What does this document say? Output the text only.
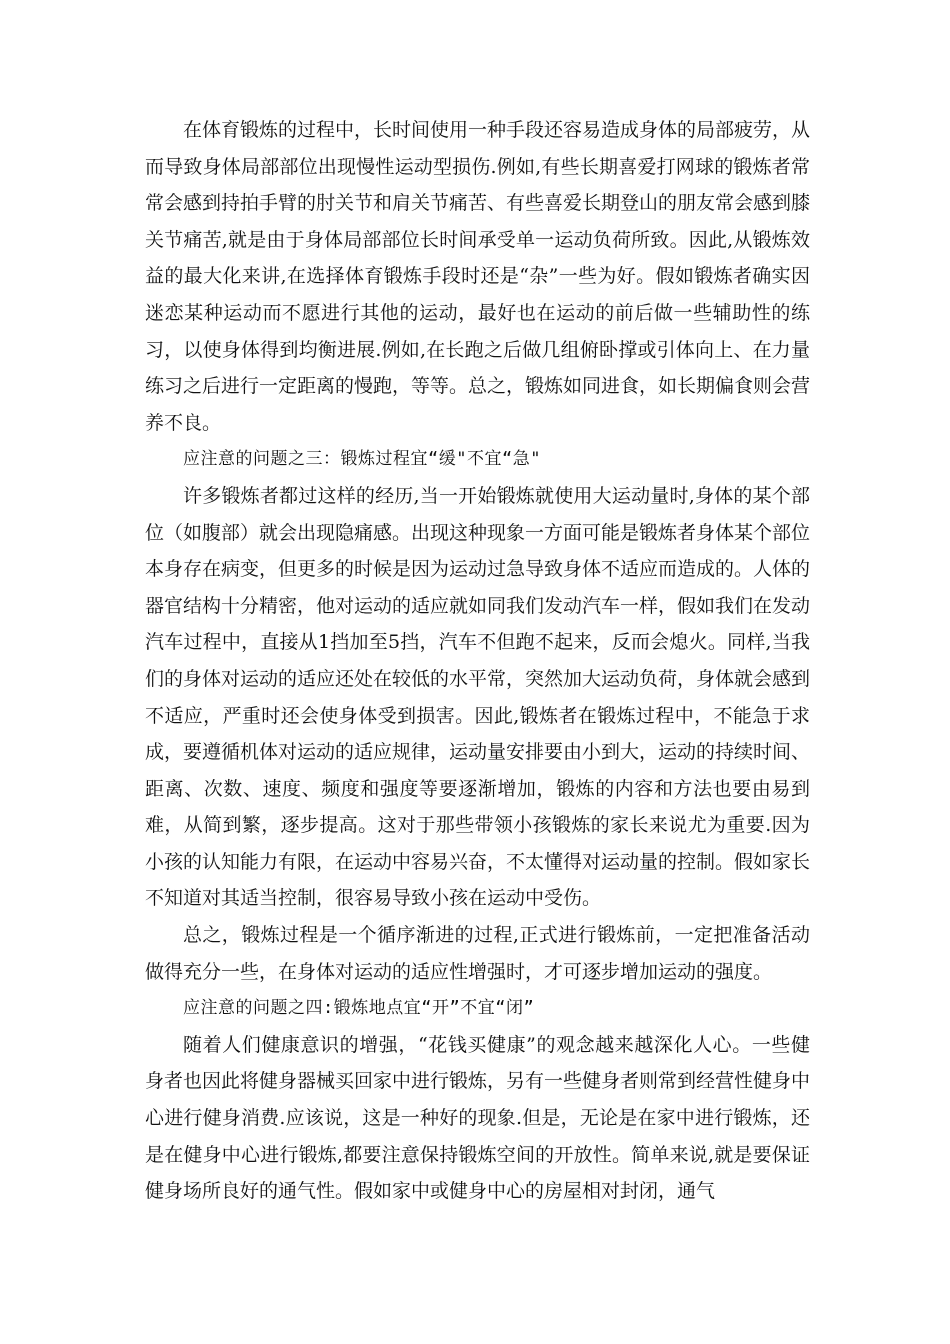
在体育锻炼的过程中，长时间使用一种手段还容易造成身体的局部疲劳，从而导致身体局部部位出现慢性运动型损伤.例如,有些长期喜爱打网球的锻炼者常常会感到持拍手臂的肘关节和肩关节痛苦、有些喜爱长期登山的朋友常会感到膝关节痛苦,就是由于身体局部部位长时间承受单一运动负荷所致。因此,从锻炼效益的最大化来讲,在选择体育锻炼手段时还是“杂”一些为好。假如锻炼者确实因迷恋某种运动而不愿进行其他的运动，最好也在运动的前后做一些辅助性的练习，以使身体得到均衡进展.例如,在长跑之后做几组俯卧撑或引体向上、在力量练习之后进行一定距离的慢跑，等等。总之，锻炼如同进食，如长期偏食则会营养不良。

应注意的问题之三：锻炼过程宜“缓"不宜“急"

许多锻炼者都过这样的经历,当一开始锻炼就使用大运动量时,身体的某个部位（如腹部）就会出现隐痛感。出现这种现象一方面可能是锻炼者身体某个部位本身存在病变，但更多的时候是因为运动过急导致身体不适应而造成的。人体的器官结构十分精密，他对运动的适应就如同我们发动汽车一样，假如我们在发动汽车过程中，直接从1挡加至5挡，汽车不但跑不起来，反而会熄火。同样,当我们的身体对运动的适应还处在较低的水平常，突然加大运动负荷，身体就会感到不适应，严重时还会使身体受到损害。因此,锻炼者在锻炼过程中，不能急于求成，要遵循机体对运动的适应规律，运动量安排要由小到大，运动的持续时间、距离、次数、速度、频度和强度等要逐渐增加，锻炼的内容和方法也要由易到难，从简到繁，逐步提高。这对于那些带领小孩锻炼的家长来说尤为重要.因为小孩的认知能力有限，在运动中容易兴奋，不太懂得对运动量的控制。假如家长不知道对其适当控制，很容易导致小孩在运动中受伤。

总之，锻炼过程是一个循序渐进的过程,正式进行锻炼前，一定把准备活动做得充分一些，在身体对运动的适应性增强时，才可逐步增加运动的强度。

应注意的问题之四:锻炼地点宜“开”不宜“闭”

随着人们健康意识的增强，“花钱买健康”的观念越来越深化人心。一些健身者也因此将健身器械买回家中进行锻炼，另有一些健身者则常到经营性健身中心进行健身消费.应该说，这是一种好的现象.但是，无论是在家中进行锻炼，还是在健身中心进行锻炼,都要注意保持锻炼空间的开放性。简单来说,就是要保证健身场所良好的通气性。假如家中或健身中心的房屋相对封闭，通气
